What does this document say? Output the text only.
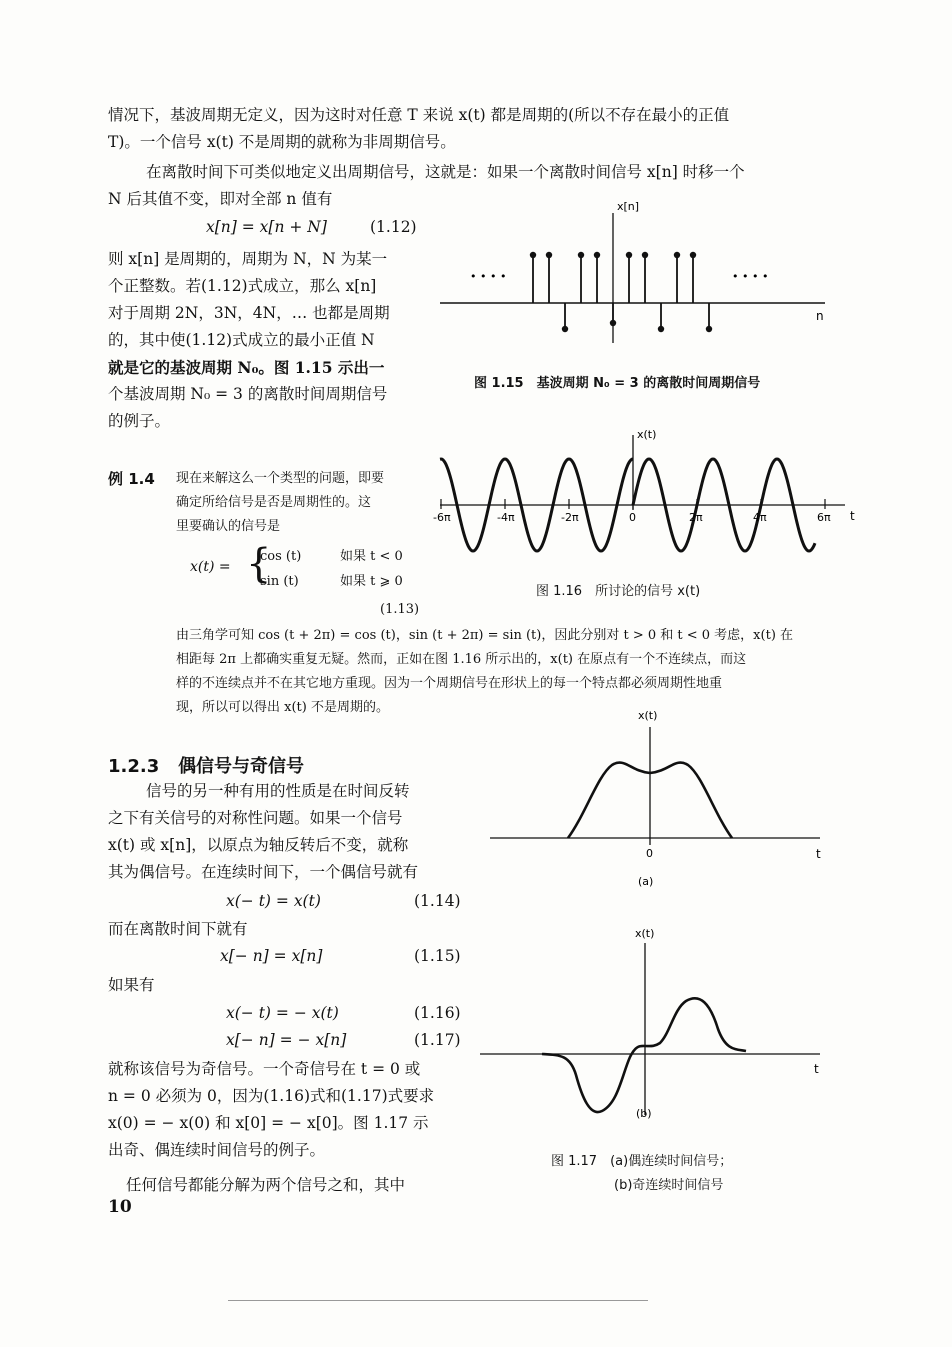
情况下，基波周期无定义，因为这时对任意 T 来说 x(t) 都是周期的(所以不存在最小的正值
T)。一个信号 x(t) 不是周期的就称为非周期信号。
在离散时间下可类似地定义出周期信号，这就是：如果一个离散时间信号 x[n] 时移一个
N 后其值不变，即对全部 n 值有
x[n] = x[n + N]	(1.12)
则 x[n] 是周期的，周期为 N，N 为某一
个正整数。若(1.12)式成立，那么 x[n]
对于周期 2N，3N，4N，… 也都是周期
的，其中使(1.12)式成立的最小正值 N
就是它的基波周期 N₀。图 1.15 示出一
个基波周期 N₀ = 3 的离散时间周期信号
的例子。
x[n]
n
• • • •	• • • •
图 1.15　基波周期 N₀ = 3 的离散时间周期信号
x(t)
t
-6π	-4π	-2π	0	2π	4π	6π
图 1.16　所讨论的信号 x(t)
例 1.4 现在来解这么一个类型的问题，即要
确定所给信号是否是周期性的。这
里要确认的信号是
x(t) = {
cos (t)	如果 t < 0
sin (t)	如果 t ⩾ 0
(1.13)
由三角学可知 cos (t + 2π) = cos (t)，sin (t + 2π) = sin (t)，因此分别对 t > 0 和 t < 0 考虑，x(t) 在
相距每 2π 上都确实重复无疑。然而，正如在图 1.16 所示出的，x(t) 在原点有一个不连续点，而这
样的不连续点并不在其它地方重现。因为一个周期信号在形状上的每一个特点都必须周期性地重
现，所以可以得出 x(t) 不是周期的。
1.2.3 偶信号与奇信号
信号的另一种有用的性质是在时间反转
之下有关信号的对称性问题。如果一个信号
x(t) 或 x[n]，以原点为轴反转后不变，就称
其为偶信号。在连续时间下，一个偶信号就有
x(− t) = x(t)	(1.14)
而在离散时间下就有
x[− n] = x[n]	(1.15)
如果有
x(− t) = − x(t)	(1.16)
x[− n] = − x[n]	(1.17)
就称该信号为奇信号。一个奇信号在 t = 0 或
n = 0 必须为 0，因为(1.16)式和(1.17)式要求
x(0) = − x(0) 和 x[0] = − x[0]。图 1.17 示
出奇、偶连续时间信号的例子。
任何信号都能分解为两个信号之和，其中
10
x(t)
0	t
(a)
x(t)
t
(b)
图 1.17　(a)偶连续时间信号；
(b)奇连续时间信号
